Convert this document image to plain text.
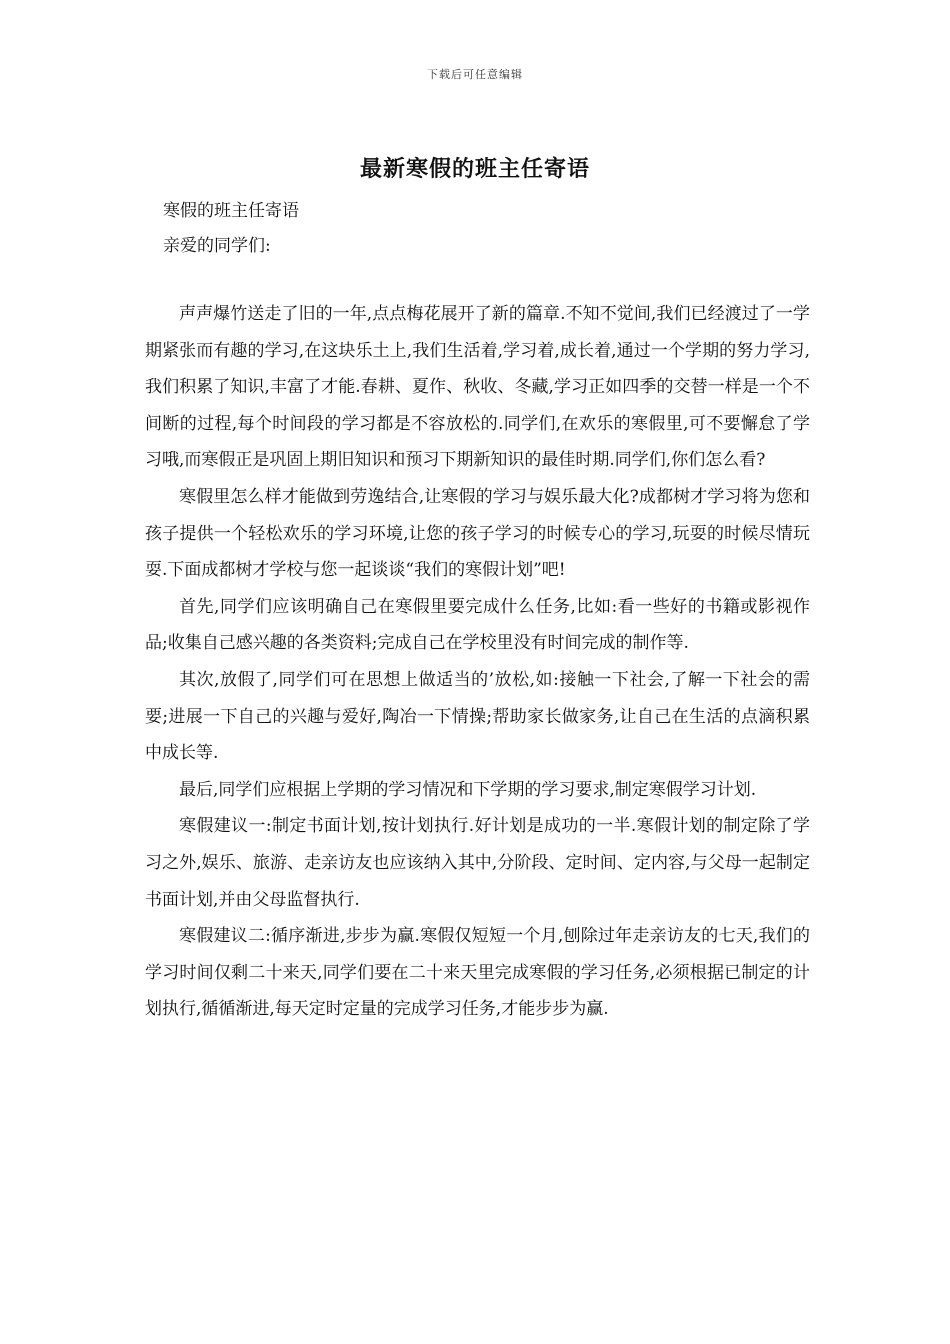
下载后可任意编辑
最新寒假的班主任寄语
寒假的班主任寄语
亲爱的同学们:

声声爆竹送走了旧的一年,点点梅花展开了新的篇章.不知不觉间,我们已经渡过了一学期紧张而有趣的学习,在这块乐土上,我们生活着,学习着,成长着,通过一个学期的努力学习,我们积累了知识,丰富了才能.春耕、夏作、秋收、冬藏,学习正如四季的交替一样是一个不间断的过程,每个时间段的学习都是不容放松的.同学们,在欢乐的寒假里,可不要懈怠了学习哦,而寒假正是巩固上期旧知识和预习下期新知识的最佳时期.同学们,你们怎么看?

寒假里怎么样才能做到劳逸结合,让寒假的学习与娱乐最大化?成都树才学习将为您和孩子提供一个轻松欢乐的学习环境,让您的孩子学习的时候专心的学习,玩耍的时候尽情玩耍.下面成都树才学校与您一起谈谈“我们的寒假计划”吧!

首先,同学们应该明确自己在寒假里要完成什么任务,比如:看一些好的书籍或影视作品;收集自己感兴趣的各类资料;完成自己在学校里没有时间完成的制作等.

其次,放假了,同学们可在思想上做适当的’放松,如:接触一下社会,了解一下社会的需要;进展一下自己的兴趣与爱好,陶冶一下情操;帮助家长做家务,让自己在生活的点滴积累中成长等.

最后,同学们应根据上学期的学习情况和下学期的学习要求,制定寒假学习计划.

寒假建议一:制定书面计划,按计划执行.好计划是成功的一半.寒假计划的制定除了学习之外,娱乐、旅游、走亲访友也应该纳入其中,分阶段、定时间、定内容,与父母一起制定书面计划,并由父母监督执行.

寒假建议二:循序渐进,步步为赢.寒假仅短短一个月,刨除过年走亲访友的七天,我们的学习时间仅剩二十来天,同学们要在二十来天里完成寒假的学习任务,必须根据已制定的计划执行,循循渐进,每天定时定量的完成学习任务,才能步步为赢.
